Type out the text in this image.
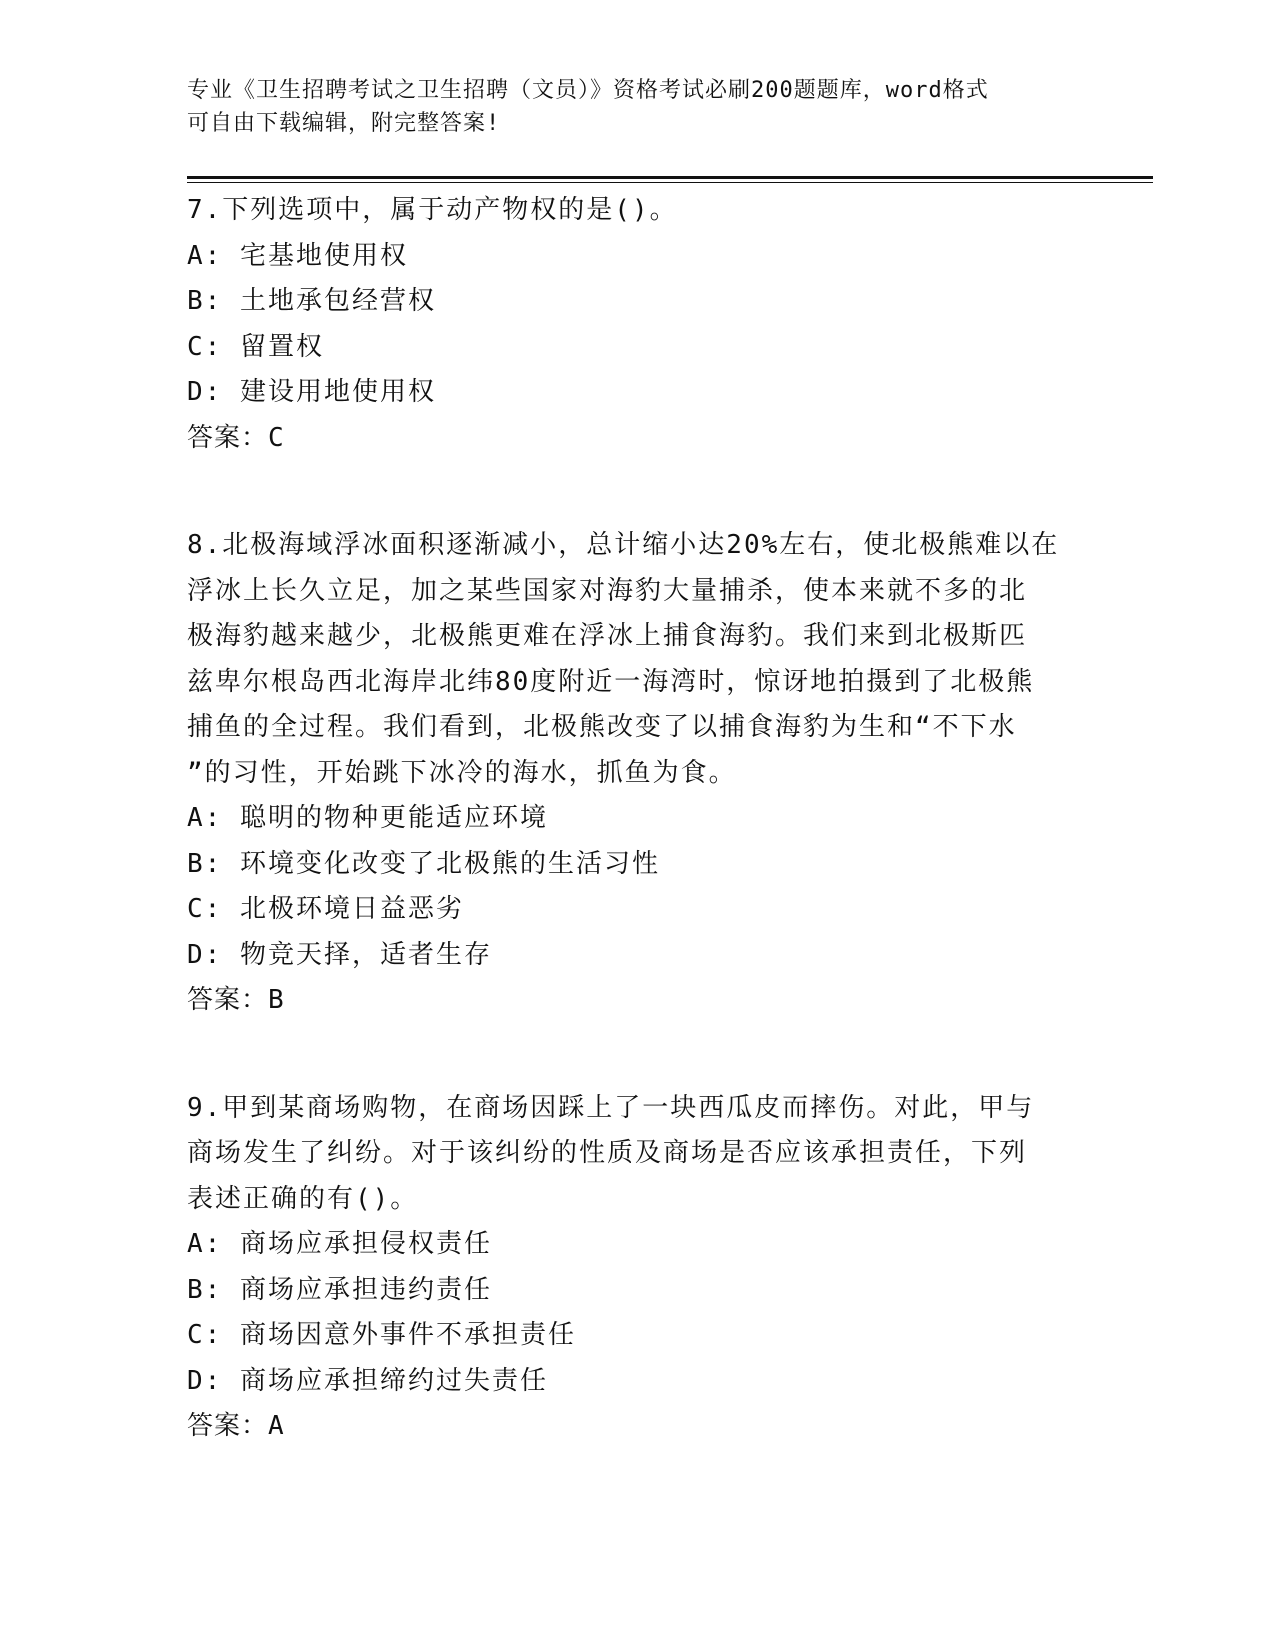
专业《卫生招聘考试之卫生招聘（文员）》资格考试必刷200题题库，word格式
可自由下载编辑，附完整答案!

7.下列选项中，属于动产物权的是()。

A: 宅基地使用权

B: 土地承包经营权

C: 留置权

D: 建设用地使用权

答案：C

8.北极海域浮冰面积逐渐减小，总计缩小达20%左右，使北极熊难以在

浮冰上长久立足，加之某些国家对海豹大量捕杀，使本来就不多的北

极海豹越来越少，北极熊更难在浮冰上捕食海豹。我们来到北极斯匹

兹卑尔根岛西北海岸北纬80度附近一海湾时，惊讶地拍摄到了北极熊

捕鱼的全过程。我们看到，北极熊改变了以捕食海豹为生和“不下水

”的习性，开始跳下冰冷的海水，抓鱼为食。

A: 聪明的物种更能适应环境

B: 环境变化改变了北极熊的生活习性

C: 北极环境日益恶劣

D: 物竞天择，适者生存

答案：B

9.甲到某商场购物，在商场因踩上了一块西瓜皮而摔伤。对此，甲与

商场发生了纠纷。对于该纠纷的性质及商场是否应该承担责任，下列

表述正确的有()。

A: 商场应承担侵权责任

B: 商场应承担违约责任

C: 商场因意外事件不承担责任

D: 商场应承担缔约过失责任

答案：A
